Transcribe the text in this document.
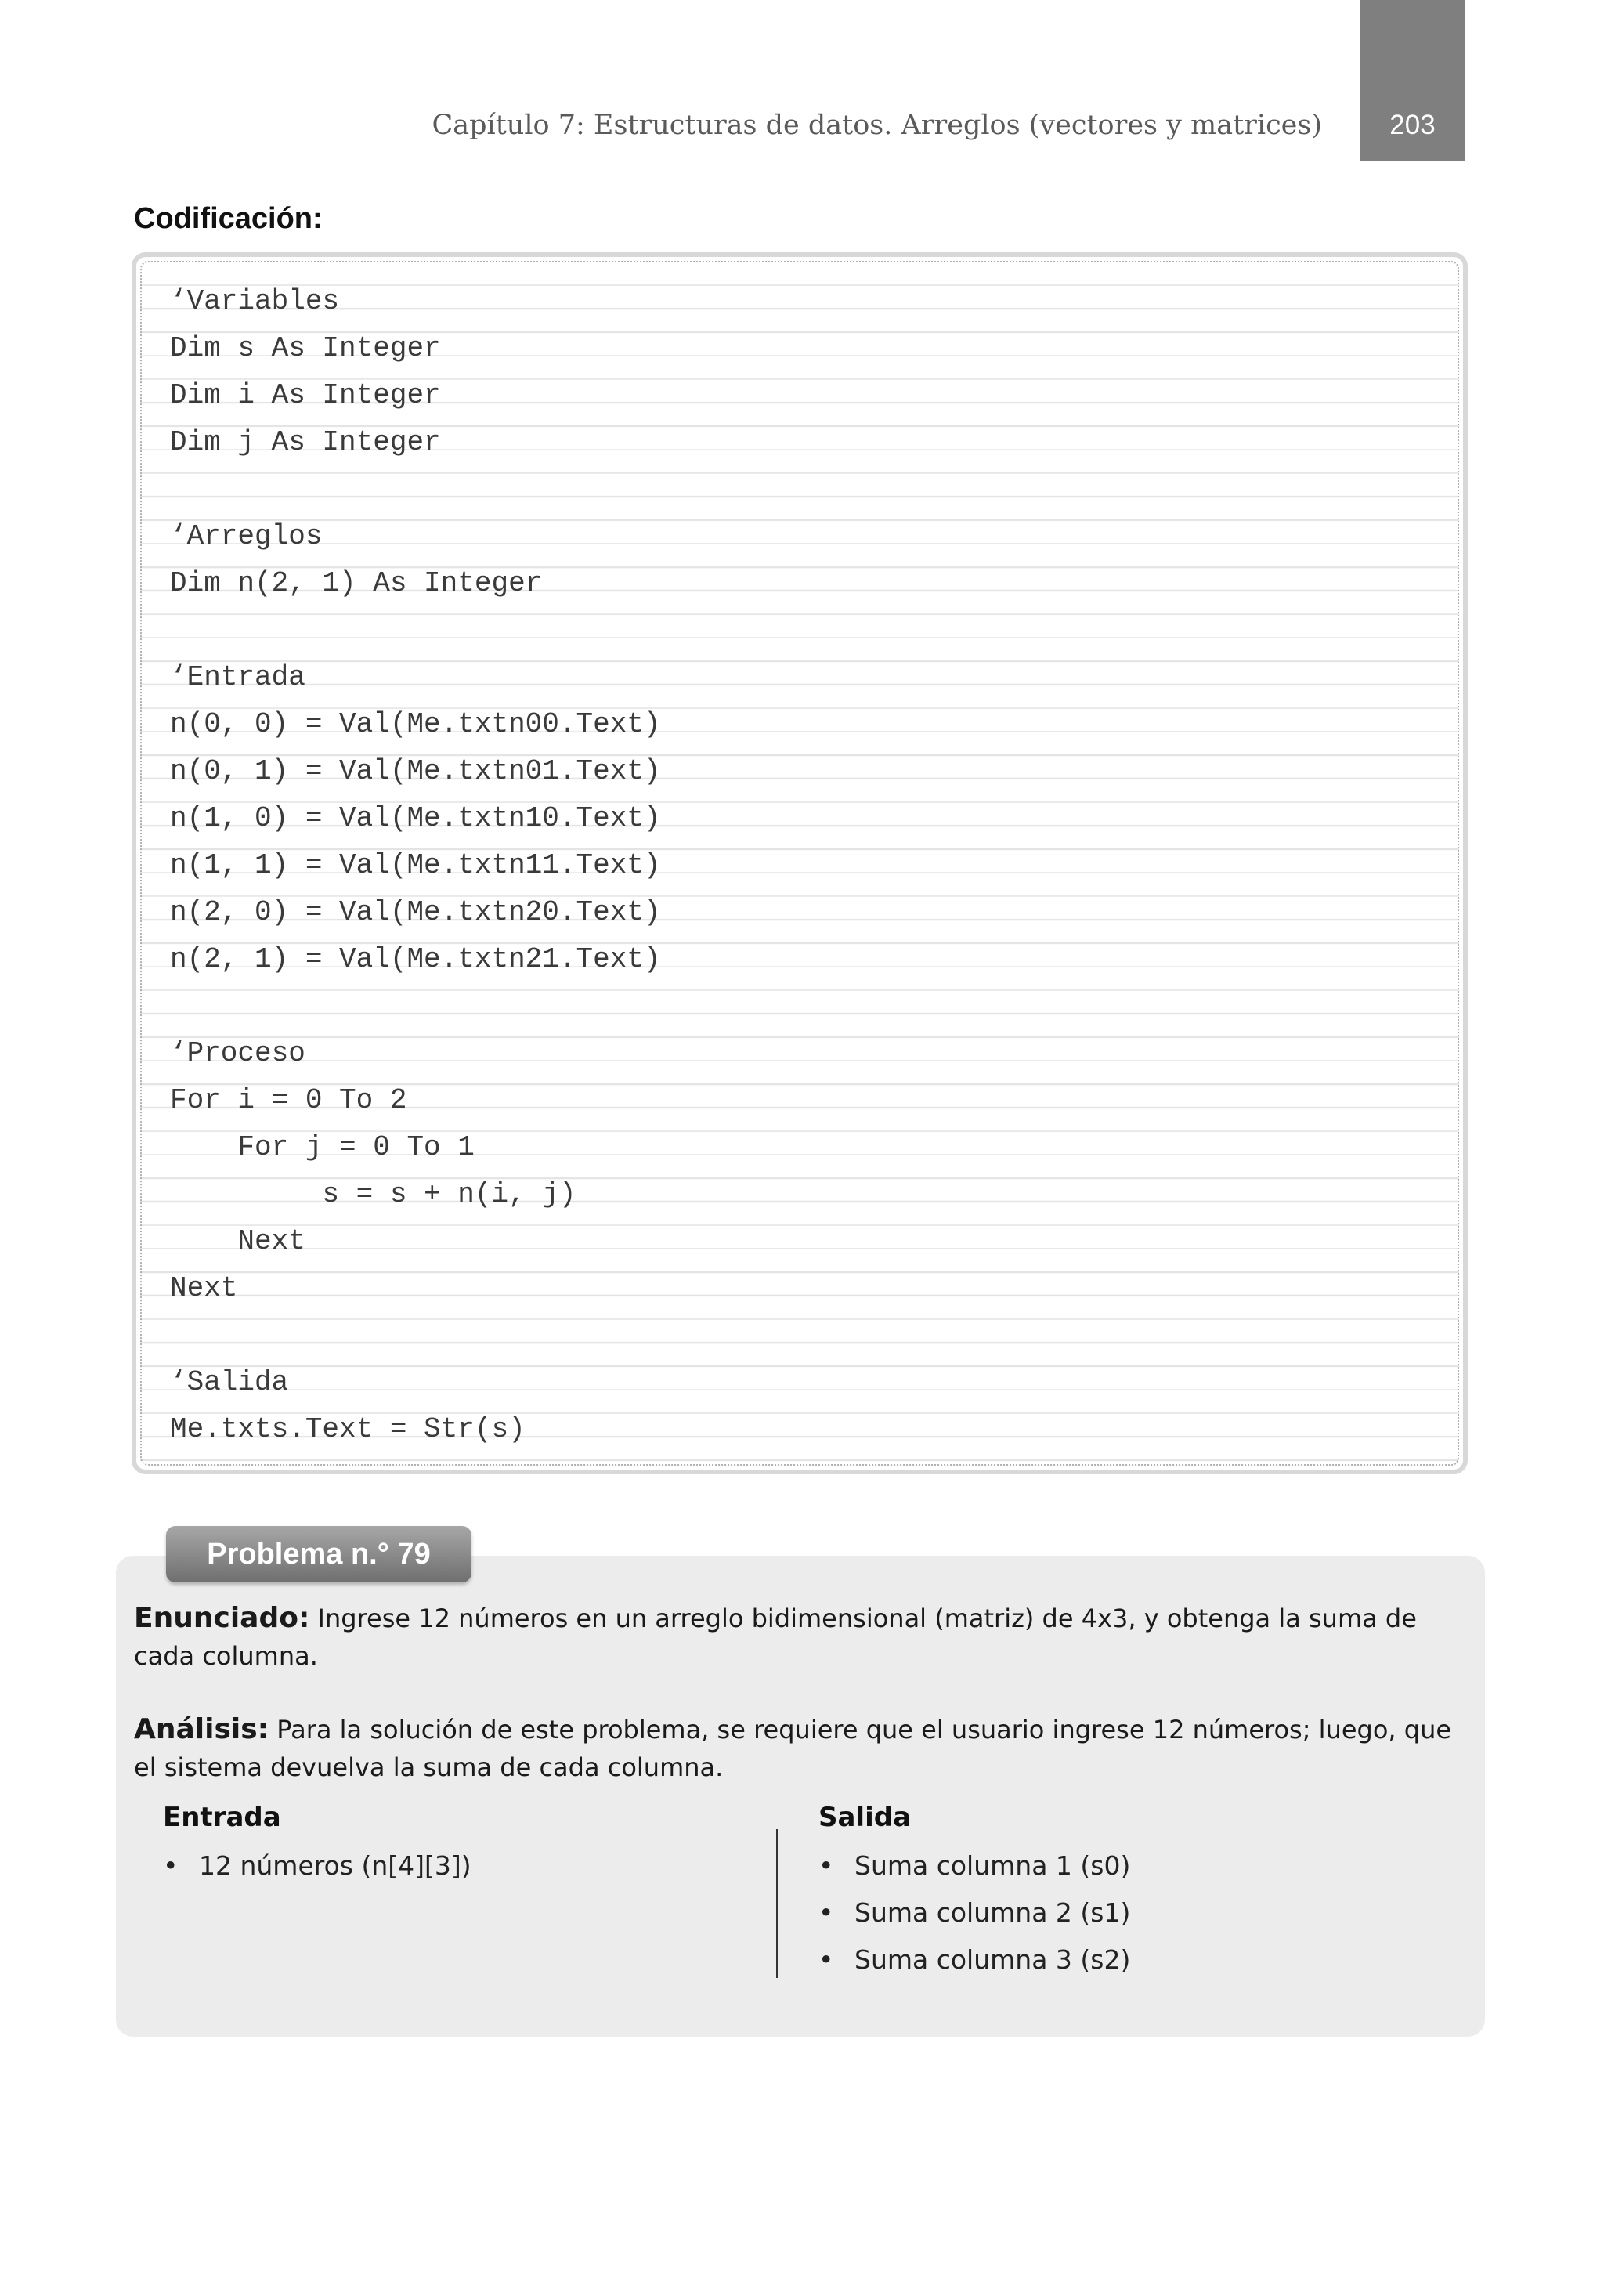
203
Capítulo 7: Estructuras de datos. Arreglos (vectores y matrices)
Codificación:
‘Variables
Dim s As Integer
Dim i As Integer
Dim j As Integer
‘Arreglos
Dim n(2, 1) As Integer
‘Entrada
n(0, 0) = Val(Me.txtn00.Text)
n(0, 1) = Val(Me.txtn01.Text)
n(1, 0) = Val(Me.txtn10.Text)
n(1, 1) = Val(Me.txtn11.Text)
n(2, 0) = Val(Me.txtn20.Text)
n(2, 1) = Val(Me.txtn21.Text)
‘Proceso
For i = 0 To 2
For j = 0 To 1
s = s + n(i, j)
Next
Next
‘Salida
Me.txts.Text = Str(s)
Problema n.° 79
Enunciado: Ingrese 12 números en un arreglo bidimensional (matriz) de 4x3, y obtenga la suma de cada columna.
Análisis: Para la solución de este problema, se requiere que el usuario ingrese 12 números; luego, que el sistema devuelva la suma de cada columna.
Entrada
• 12 números (n[4][3])
Salida
• Suma columna 1 (s0)
• Suma columna 2 (s1)
• Suma columna 3 (s2)
